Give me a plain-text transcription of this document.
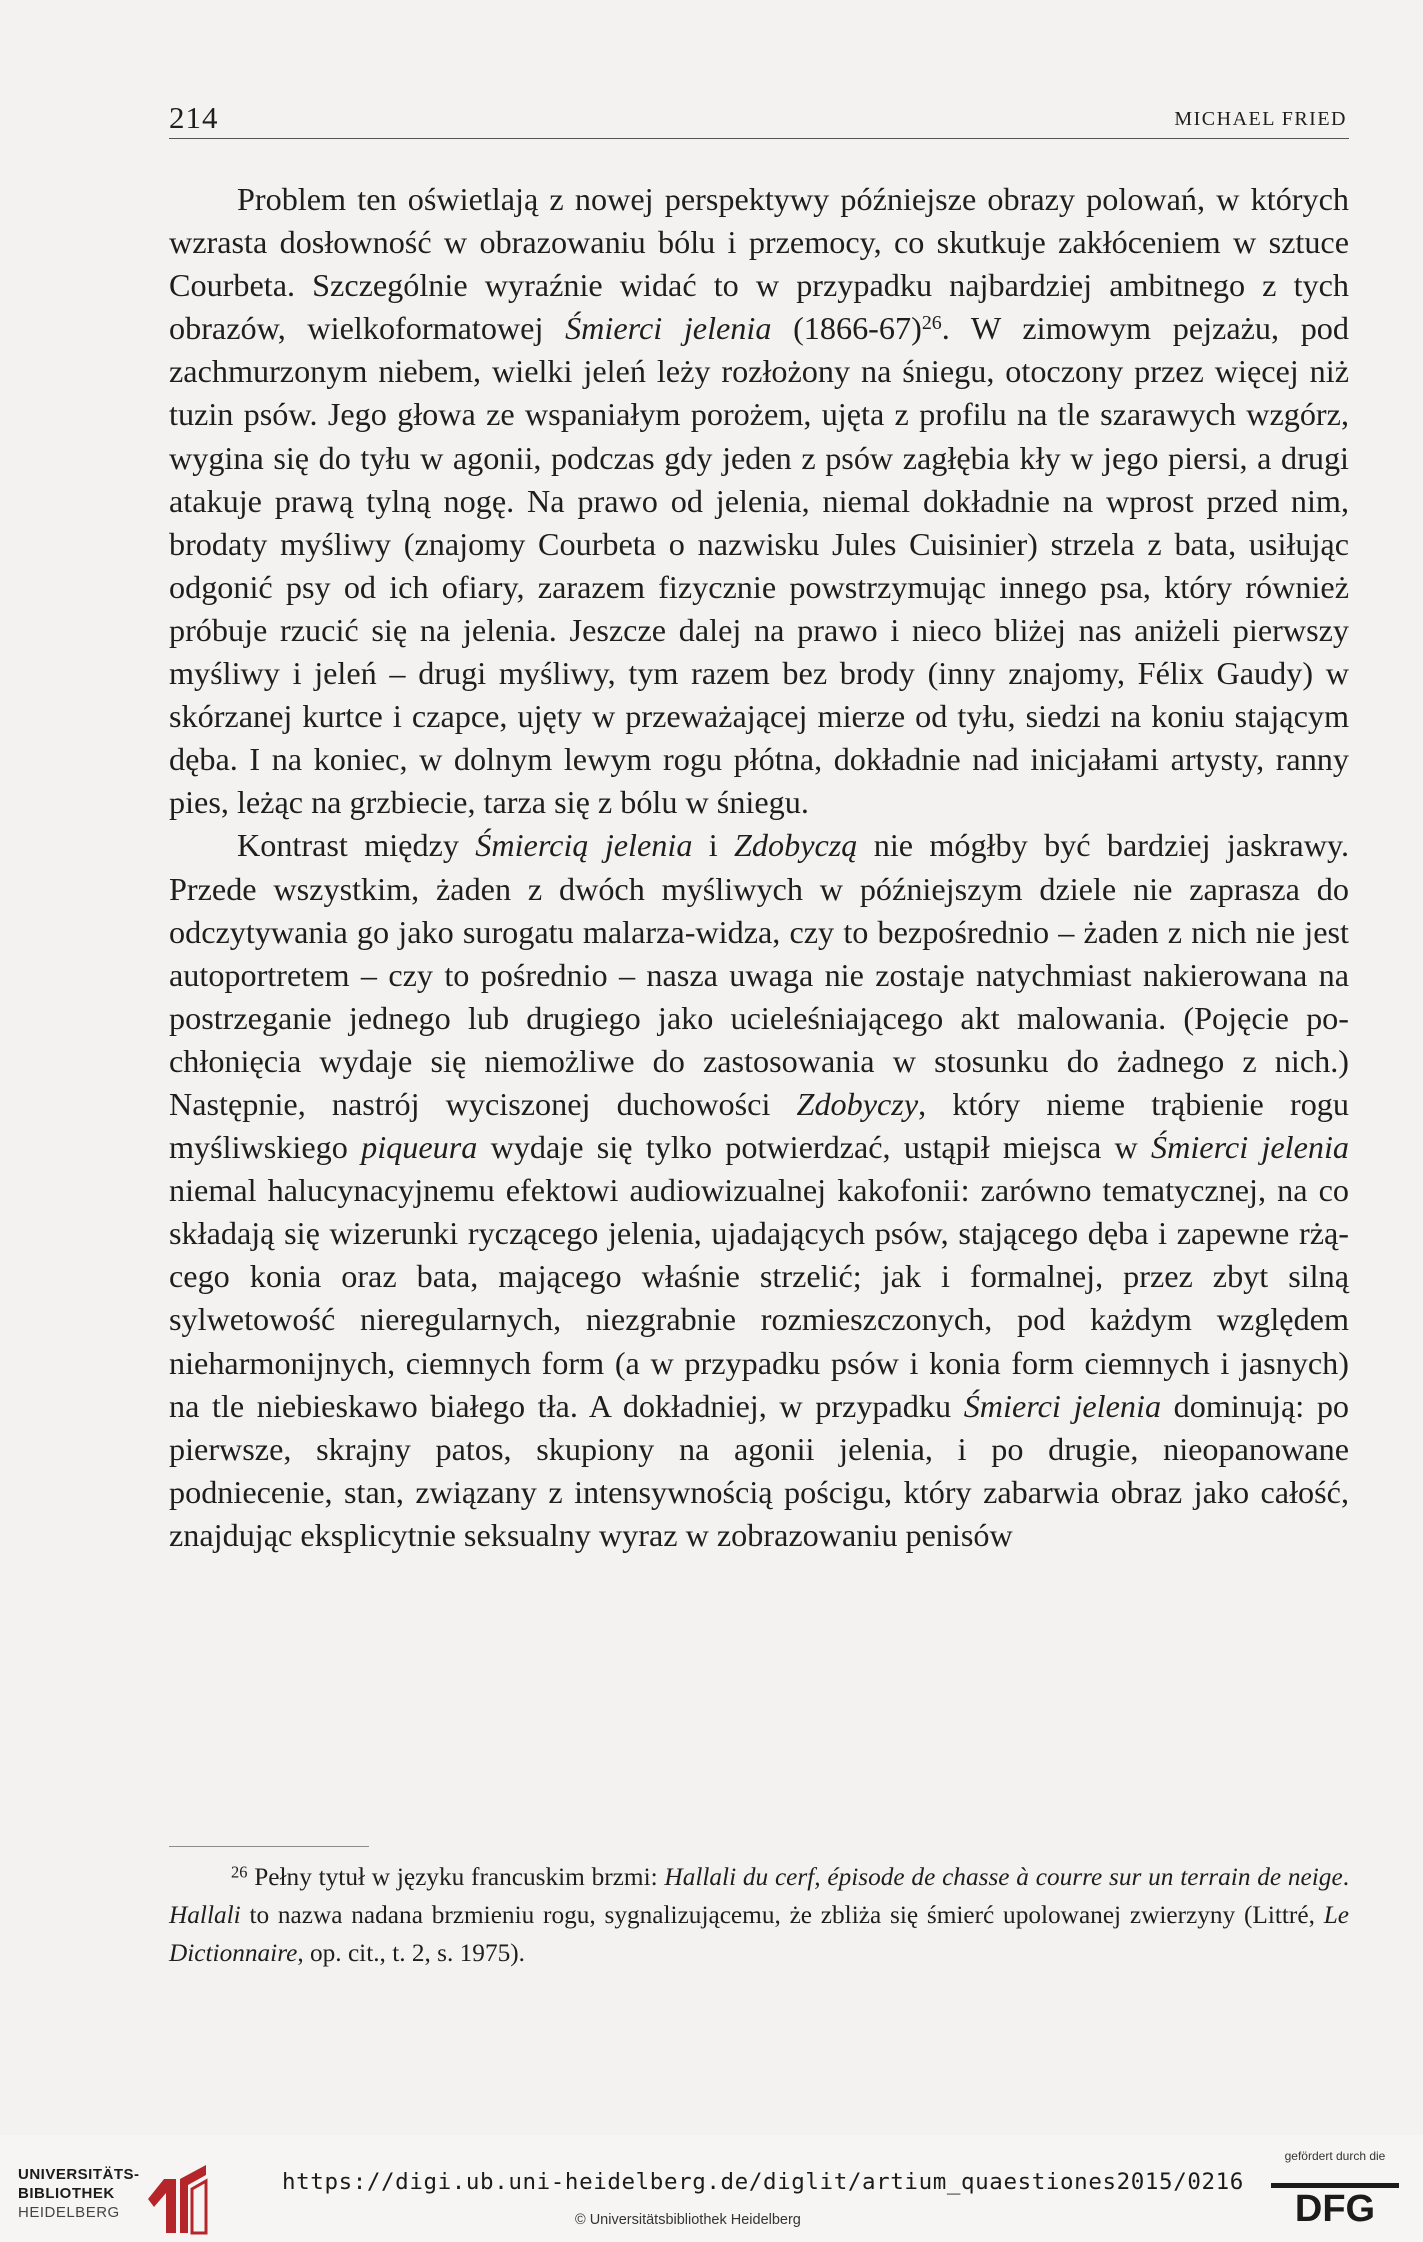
214	MICHAEL FRIED

Problem ten oświetlają z nowej perspektywy późniejsze obrazy polowań, w których wzrasta dosłowność w obrazowaniu bólu i przemocy, co skutkuje zakłóceniem w sztuce Courbeta. Szczególnie wyraźnie widać to w przypadku najbardziej ambitnego z tych obrazów, wielkoformatowej Śmierci jelenia (1866-67)$^{26}$. W zimowym pejzażu, pod zachmurzonym niebem, wielki jeleń leży rozłożony na śniegu, otoczony przez więcej niż tuzin psów. Jego głowa ze wspaniałym porożem, ujęta z profilu na tle szarawych wzgórz, wygina się do tyłu w agonii, podczas gdy jeden z psów zagłębia kły w jego piersi, a drugi atakuje prawą tylną nogę. Na prawo od jelenia, niemal dokładnie na wprost przed nim, brodaty myśliwy (znajomy Courbeta o nazwisku Jules Cuisinier) strzela z bata, usiłując odgonić psy od ich ofiary, zarazem fizycznie powstrzymując innego psa, który również próbuje rzucić się na jelenia. Jeszcze dalej na prawo i nieco bliżej nas aniżeli pierwszy myśliwy i jeleń – drugi myśliwy, tym razem bez brody (inny znajomy, Félix Gaudy) w skórzanej kurtce i czapce, ujęty w przeważającej mierze od tyłu, siedzi na koniu stającym dęba. I na koniec, w dolnym lewym rogu płótna, dokładnie nad inicjałami artysty, ranny pies, leżąc na grzbiecie, tarza się z bólu w śniegu.

Kontrast między Śmiercią jelenia i Zdobyczą nie mógłby być bardziej jaskrawy. Przede wszystkim, żaden z dwóch myśliwych w późniejszym dziele nie zaprasza do odczytywania go jako surogatu malarza-widza, czy to bezpośrednio – żaden z nich nie jest autoportretem – czy to pośrednio – nasza uwaga nie zostaje natychmiast nakierowana na postrzeganie jednego lub drugiego jako ucieleśniającego akt malowania. (Pojęcie pochłonięcia wydaje się niemożliwe do zastosowania w stosunku do żadnego z nich.) Następnie, nastrój wyciszonej duchowości Zdobyczy, który nieme trąbienie rogu myśliwskiego piqueura wydaje się tylko potwierdzać, ustąpił miejsca w Śmierci jelenia niemal halucynacyjnemu efektowi audiowizualnej kakofonii: zarówno tematycznej, na co składają się wizerunki ryczącego jelenia, ujadających psów, stającego dęba i zapewne rżącego konia oraz bata, mającego właśnie strzelić; jak i formalnej, przez zbyt silną sylwetowość nieregularnych, niezgrabnie rozmieszczonych, pod każdym względem nieharmonijnych, ciemnych form (a w przypadku psów i konia form ciemnych i jasnych) na tle niebieskawo białego tła. A dokładniej, w przypadku Śmierci jelenia dominują: po pierwsze, skrajny patos, skupiony na agonii jelenia, i po drugie, nieopanowane podniecenie, stan, związany z intensywnością pościgu, który zabarwia obraz jako całość, znajdując eksplicytnie seksualny wyraz w zobrazowaniu penisów

$^{26}$ Pełny tytuł w języku francuskim brzmi: Hallali du cerf, épisode de chasse à courre sur un terrain de neige. Hallali to nazwa nadana brzmieniu rogu, sygnalizującemu, że zbliża się śmierć upolowanej zwierzyny (Littré, Le Dictionnaire, op. cit., t. 2, s. 1975).

UNIVERSITÄTS-
BIBLIOTHEK
HEIDELBERG
https://digi.ub.uni-heidelberg.de/diglit/artium_quaestiones2015/0216
© Universitätsbibliothek Heidelberg
gefördert durch die
DFG
